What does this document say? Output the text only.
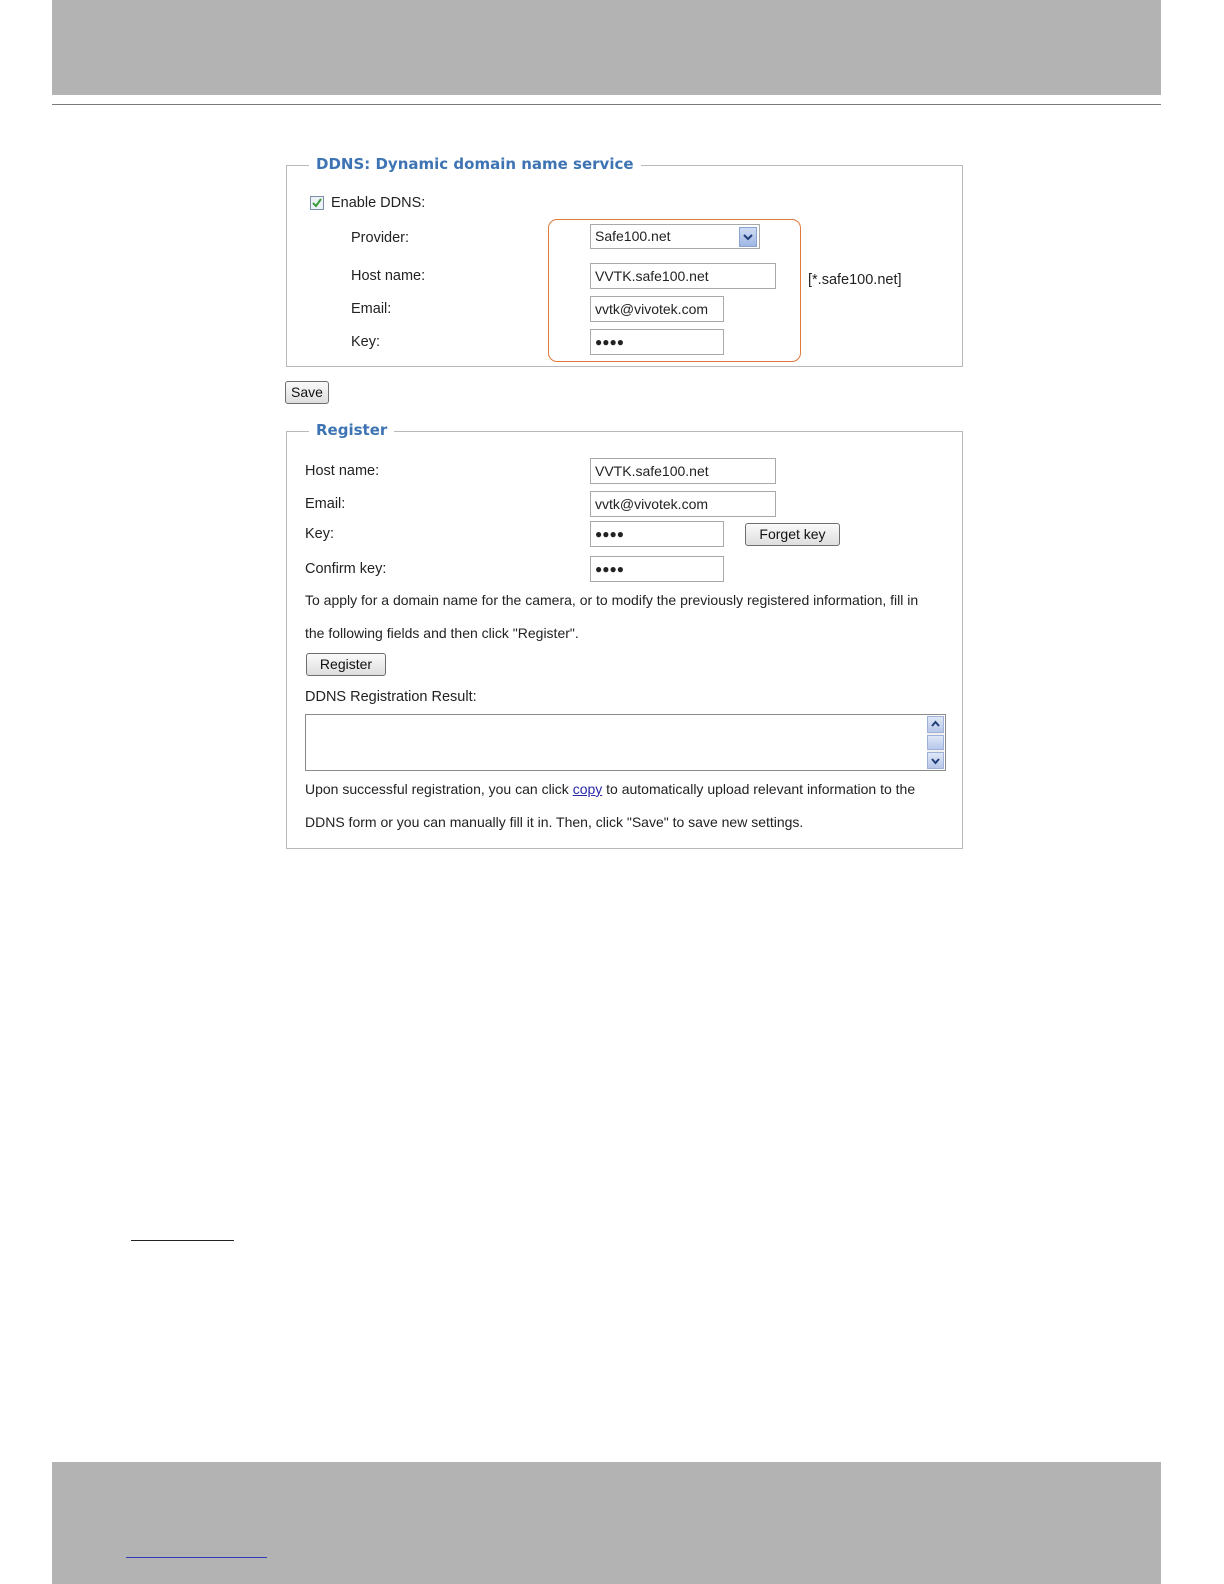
DDNS: Dynamic domain name service
Enable DDNS:
Provider:
Host name:
Email:
Key:
Safe100.net
VVTK.safe100.net	[*.safe100.net]
vvtk@vivotek.com
●●●●
Save
Register
Host name:
Email:
Key:
Confirm key:
VVTK.safe100.net
vvtk@vivotek.com
●●●●	Forget key
●●●●
To apply for a domain name for the camera, or to modify the previously registered information, fill in
the following fields and then click "Register".
Register
DDNS Registration Result:
Upon successful registration, you can click copy to automatically upload relevant information to the
DDNS form or you can manually fill it in. Then, click "Save" to save new settings.
